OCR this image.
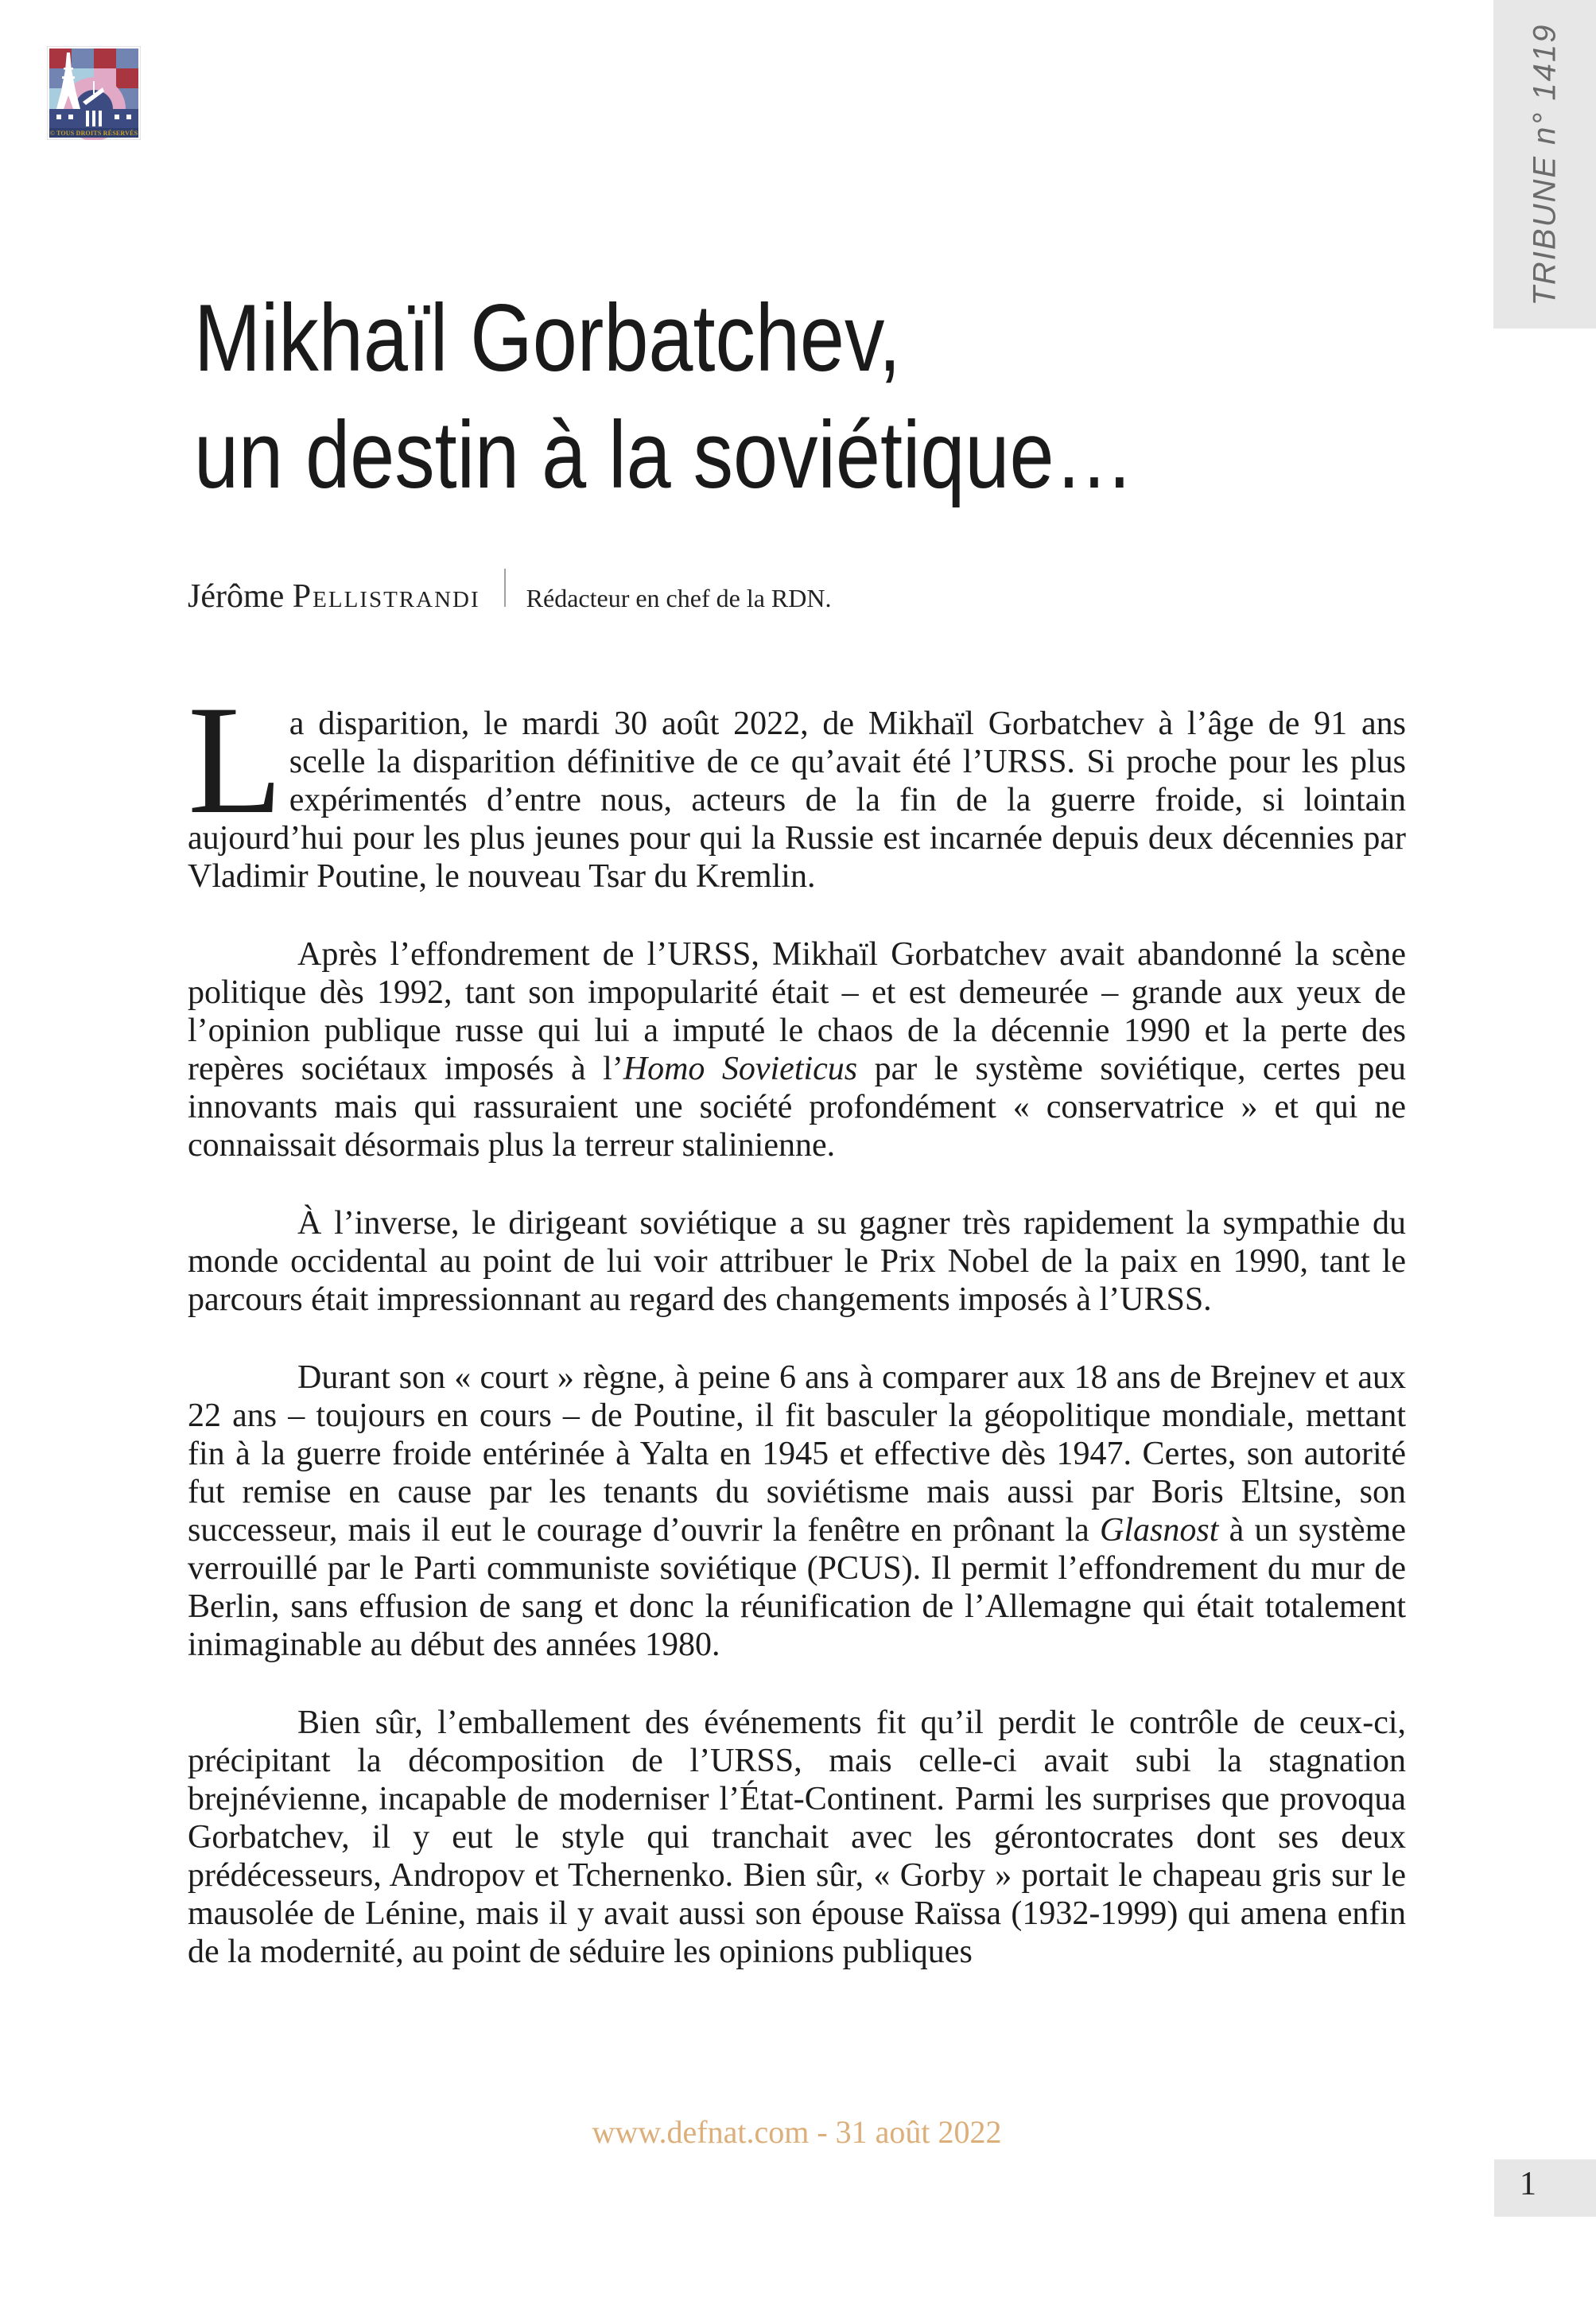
© TOUS DROITS RÉSERVÉS	TRIBUNE n° 1419
Mikhaïl Gorbatchev,
un destin à la soviétique…
Jérôme Pellistrandi Rédacteur en chef de la RDN.

La disparition, le mardi 30 août 2022, de Mikhaïl Gorbatchev à l’âge de 91 ans scelle la disparition définitive de ce qu’avait été l’URSS. Si proche pour les plus expérimentés d’entre nous, acteurs de la fin de la guerre froide, si lointain aujourd’hui pour les plus jeunes pour qui la Russie est incarnée depuis deux décennies par Vladimir Poutine, le nouveau Tsar du Kremlin.

Après l’effondrement de l’URSS, Mikhaïl Gorbatchev avait abandonné la scène politique dès 1992, tant son impopularité était – et est demeurée – grande aux yeux de l’opinion publique russe qui lui a imputé le chaos de la décennie 1990 et la perte des repères sociétaux imposés à l’Homo Sovieticus par le système soviétique, certes peu innovants mais qui rassuraient une société profondément « conservatrice » et qui ne connaissait désormais plus la terreur stalinienne.

À l’inverse, le dirigeant soviétique a su gagner très rapidement la sympathie du monde occidental au point de lui voir attribuer le Prix Nobel de la paix en 1990, tant le parcours était impressionnant au regard des changements imposés à l’URSS.

Durant son « court » règne, à peine 6 ans à comparer aux 18 ans de Brejnev et aux 22 ans – toujours en cours – de Poutine, il fit basculer la géopolitique mondiale, mettant fin à la guerre froide entérinée à Yalta en 1945 et effective dès 1947. Certes, son autorité fut remise en cause par les tenants du soviétisme mais aussi par Boris Eltsine, son successeur, mais il eut le courage d’ouvrir la fenêtre en prônant la Glasnost à un système verrouillé par le Parti communiste soviétique (PCUS). Il permit l’effondrement du mur de Berlin, sans effusion de sang et donc la réunification de l’Allemagne qui était totalement inimaginable au début des années 1980.

Bien sûr, l’emballement des événements fit qu’il perdit le contrôle de ceux-ci, précipitant la décomposition de l’URSS, mais celle-ci avait subi la stagnation brejnévienne, incapable de moderniser l’État-Continent. Parmi les surprises que provoqua Gorbatchev, il y eut le style qui tranchait avec les gérontocrates dont ses deux prédécesseurs, Andropov et Tchernenko. Bien sûr, « Gorby » portait le chapeau gris sur le mausolée de Lénine, mais il y avait aussi son épouse Raïssa (1932-1999) qui amena enfin de la modernité, au point de séduire les opinions publiques

www.defnat.com - 31 août 2022
1
